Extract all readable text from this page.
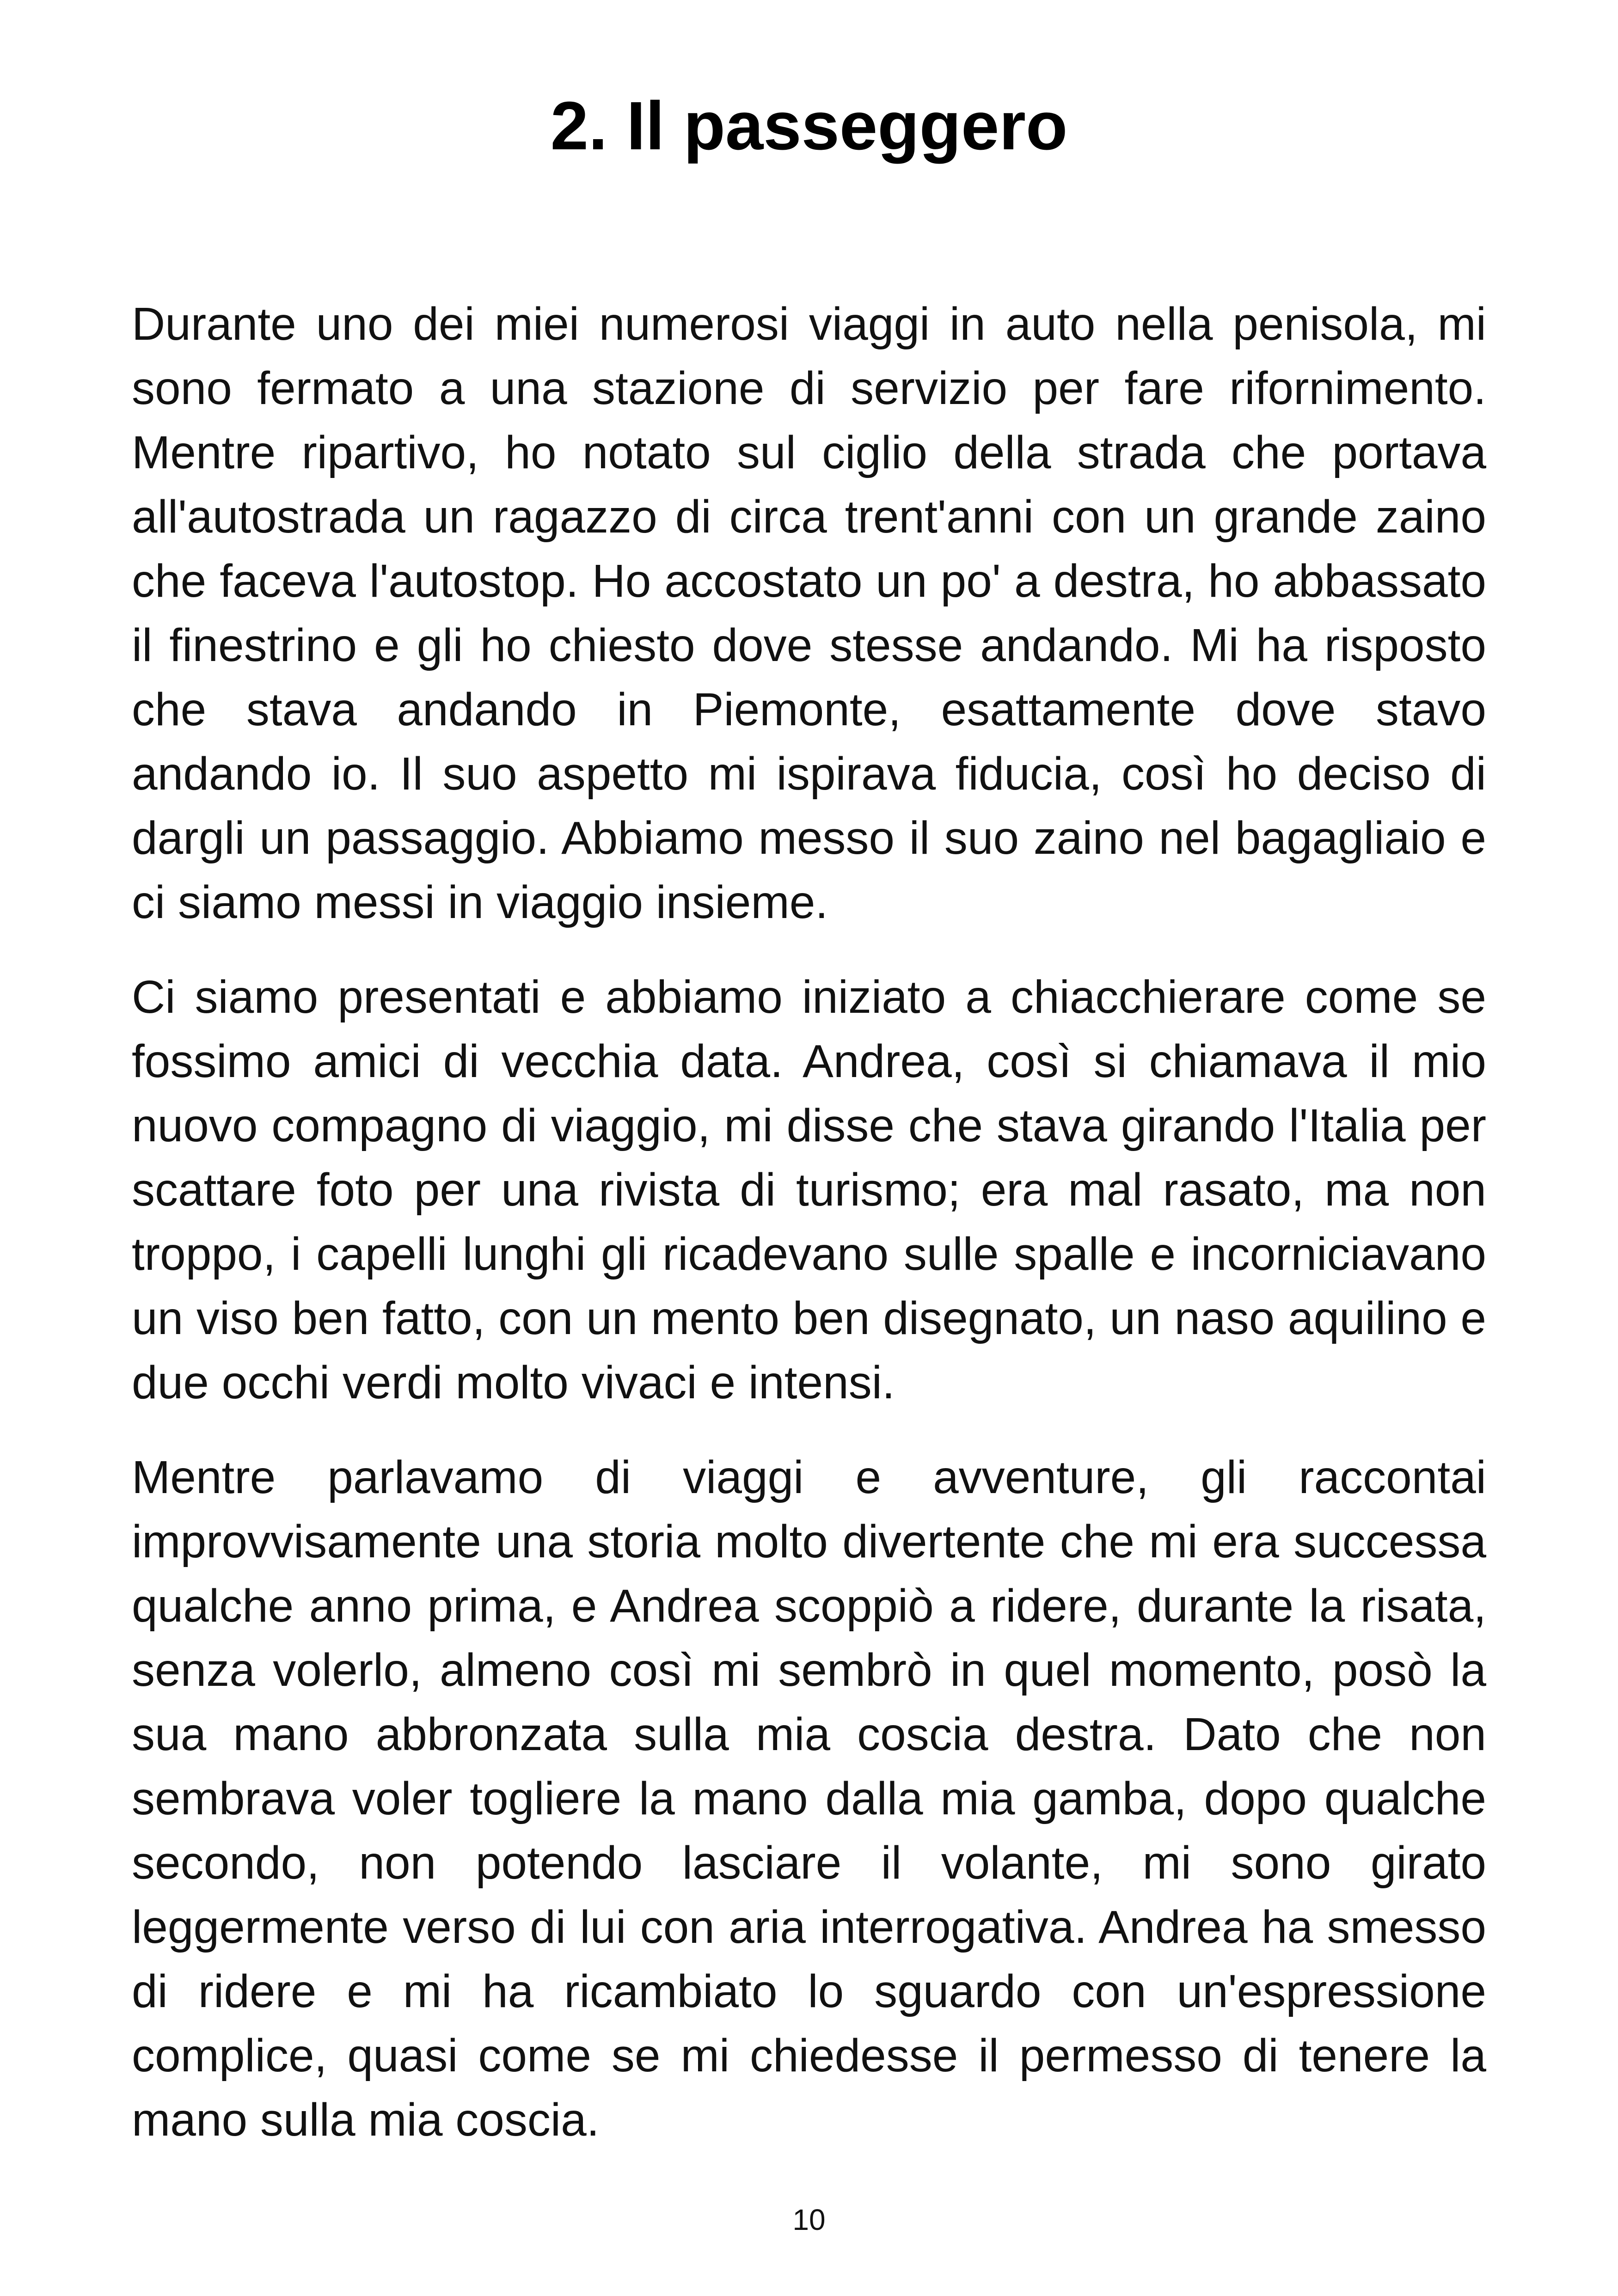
2. Il passeggero

Durante uno dei miei numerosi viaggi in auto nella penisola, mi sono fermato a una stazione di servizio per fare rifornimento. Mentre ripartivo, ho notato sul ciglio della strada che portava all'autostrada un ragazzo di circa trent'anni con un grande zaino che faceva l'autostop. Ho accostato un po' a destra, ho abbassato il finestrino e gli ho chiesto dove stesse andando. Mi ha risposto che stava andando in Piemonte, esattamente dove stavo andando io. Il suo aspetto mi ispirava fiducia, così ho deciso di dargli un passaggio. Abbiamo messo il suo zaino nel bagagliaio e ci siamo messi in viaggio insieme.

Ci siamo presentati e abbiamo iniziato a chiacchierare come se fossimo amici di vecchia data. Andrea, così si chiamava il mio nuovo compagno di viaggio, mi disse che stava girando l'Italia per scattare foto per una rivista di turismo; era mal rasato, ma non troppo, i capelli lunghi gli ricadevano sulle spalle e incorniciavano un viso ben fatto, con un mento ben disegnato, un naso aquilino e due occhi verdi molto vivaci e intensi.

Mentre parlavamo di viaggi e avventure, gli raccontai improvvisamente una storia molto divertente che mi era successa qualche anno prima, e Andrea scoppiò a ridere, durante la risata, senza volerlo, almeno così mi sembrò in quel momento, posò la sua mano abbronzata sulla mia coscia destra. Dato che non sembrava voler togliere la mano dalla mia gamba, dopo qualche secondo, non potendo lasciare il volante, mi sono girato leggermente verso di lui con aria interrogativa. Andrea ha smesso di ridere e mi ha ricambiato lo sguardo con un'espressione complice, quasi come se mi chiedesse il permesso di tenere la mano sulla mia coscia.

10
